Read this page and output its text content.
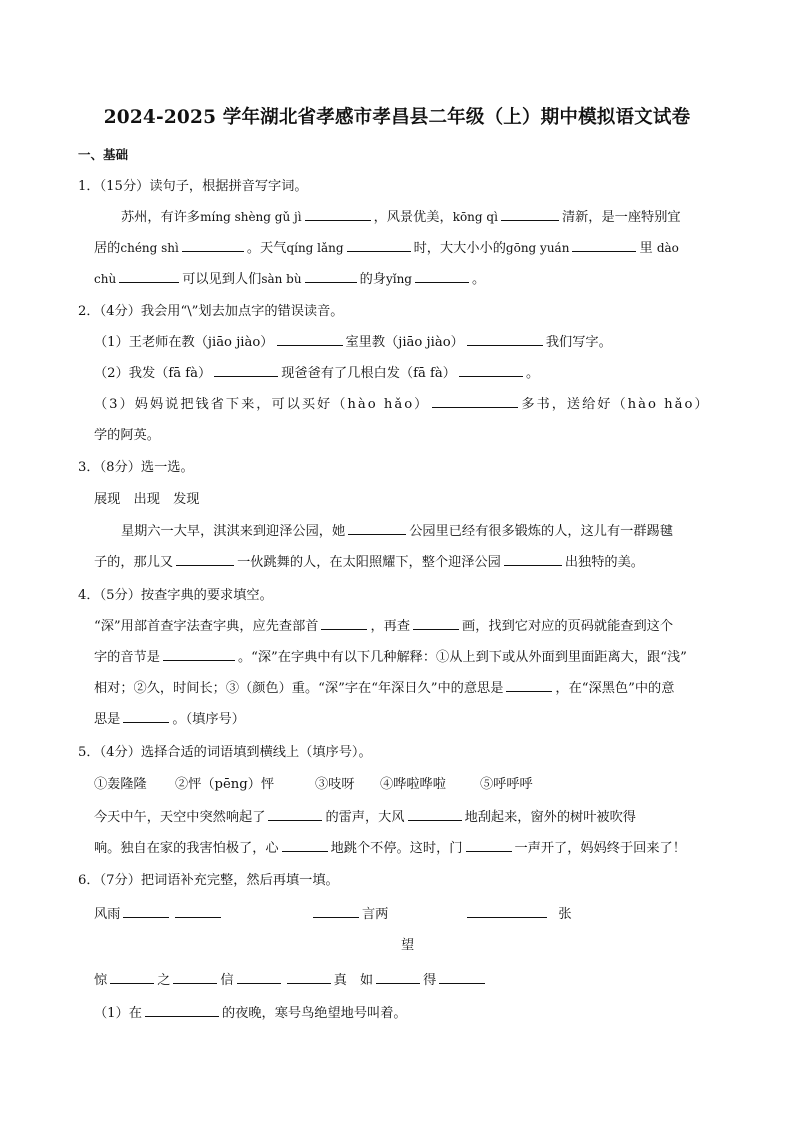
2024-2025 学年湖北省孝感市孝昌县二年级（上）期中模拟语文试卷
一、基础
1．（15分）读句子，根据拼音写字词。
苏州，有许多míng shèng gǔ jì	，风景优美，kōng qì	清新，是一座特别宜
居的chéng shì	。天气qíng lǎng	时，大大小小的gōng yuán	里 dào
chù	可以见到人们sàn bù	的身yǐng	。
2．（4分）我会用“\”划去加点字的错误读音。
（1）王老师在教（jiāo jiào）	室里教（jiāo jiào）	我们写字。
（2）我发（fā fà）	现爸爸有了几根白发（fā fà）	。
（3）妈妈说把钱省下来，可以买好（hào hǎo）	多书，送给好（hào hǎo）
学的阿英。
3．（8分）选一选。
展现　出现　发现
星期六一大早，淇淇来到迎泽公园，她	公园里已经有很多锻炼的人，这儿有一群踢毽
子的，那儿又	一伙跳舞的人，在太阳照耀下，整个迎泽公园	出独特的美。
4．（5分）按查字典的要求填空。
“深”用部首查字法查字典，应先查部首	，再查	画，找到它对应的页码就能查到这个
字的音节是	。“深”在字典中有以下几种解释：①从上到下或从外面到里面距离大，跟“浅”
相对；②久，时间长；③（颜色）重。“深”字在“年深日久”中的意思是	，在“深黑色”中的意
思是	。（填序号）
5．（4分）选择合适的词语填到横线上（填序号）。
①轰隆隆 ②怦（pēng）怦	③吱呀 ④哗啦哗啦	⑤呼呼呼
今天中午，天空中突然响起了	的雷声，大风	地刮起来，窗外的树叶被吹得
响。独自在家的我害怕极了，心	地跳个不停。这时，门	一声开了，妈妈终于回来了！
6．（7分）把词语补充完整，然后再填一填。
风雨	言两	张
望
惊	之	信	真　如	得
（1）在	的夜晚，寒号鸟绝望地号叫着。
